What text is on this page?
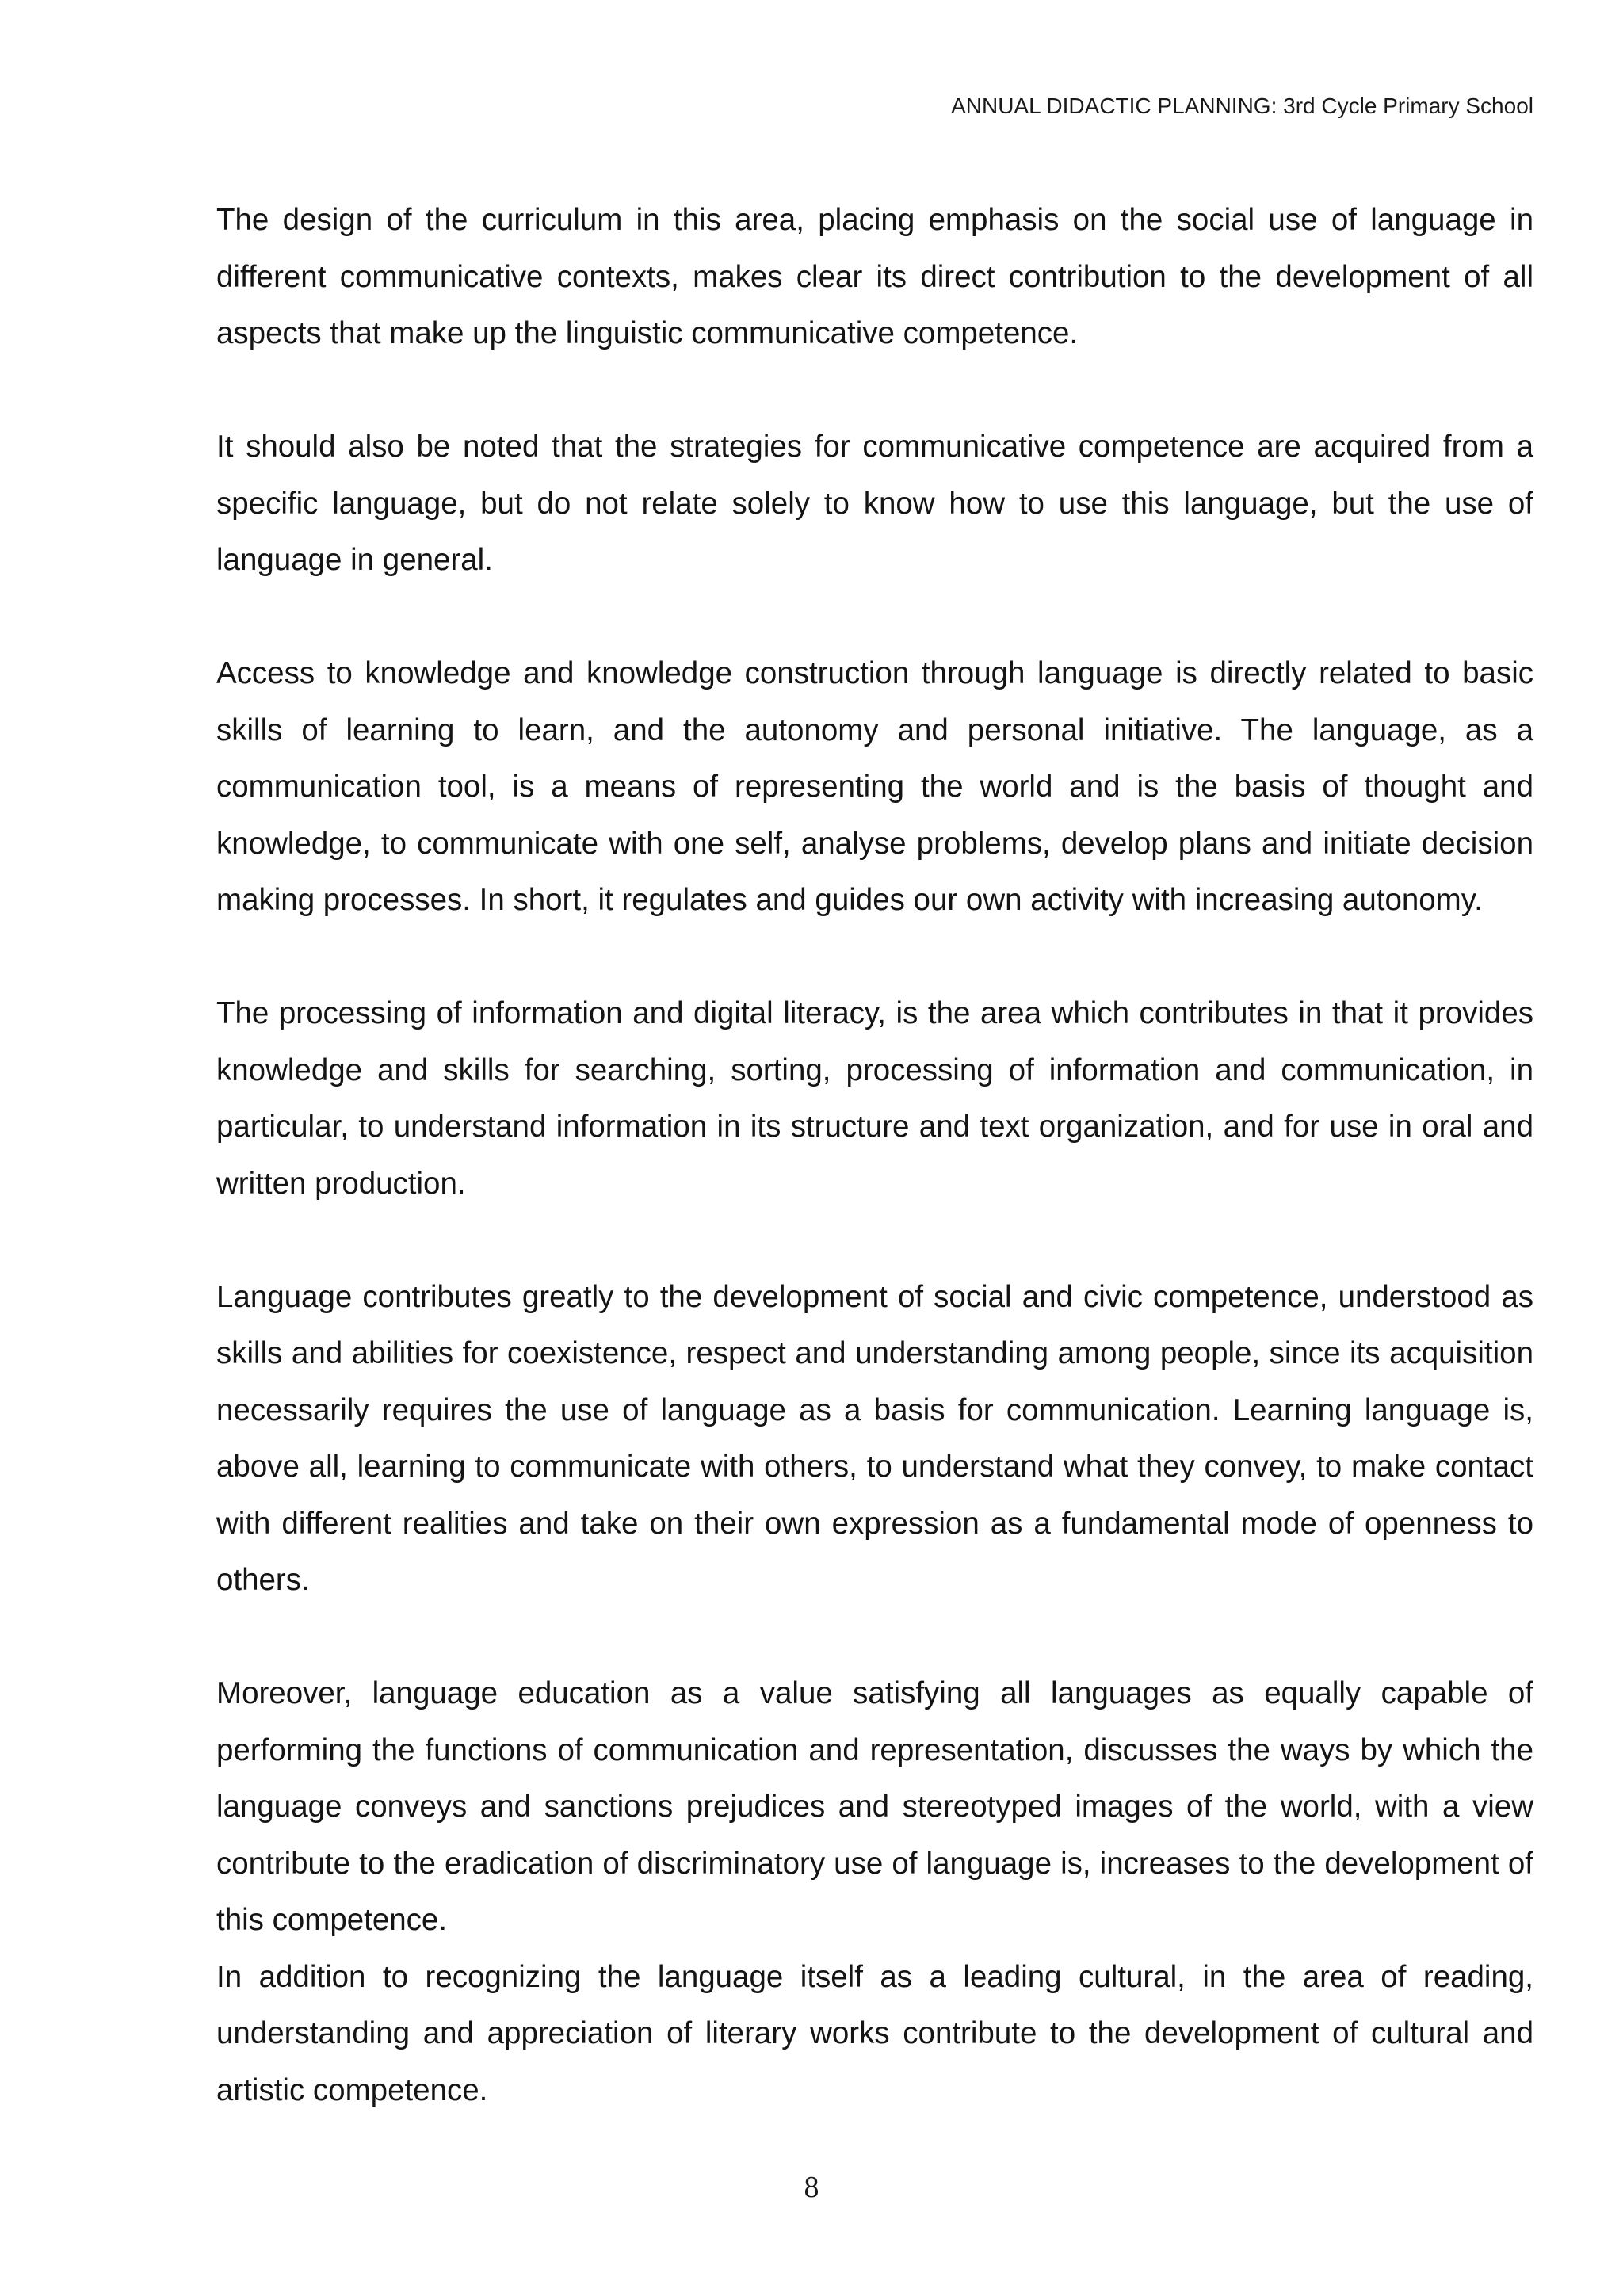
ANNUAL DIDACTIC PLANNING: 3rd Cycle Primary School

The design of the curriculum in this area, placing emphasis on the social use of language in different communicative contexts, makes clear its direct contribution to the development of all aspects that make up the linguistic communicative competence.

It should also be noted that the strategies for communicative competence are acquired from a specific language, but do not relate solely to know how to use this language, but the use of language in general.

Access to knowledge and knowledge construction through language is directly related to basic skills of learning to learn, and the autonomy and personal initiative. The language, as a communication tool, is a means of representing the world and is the basis of thought and knowledge, to communicate with one self, analyse problems, develop plans and initiate decision making processes. In short, it regulates and guides our own activity with increasing autonomy.

The processing of information and digital literacy, is the area which contributes in that it provides knowledge and skills for searching, sorting, processing of information and communication, in particular, to understand information in its structure and text organization, and for use in oral and written production.

Language contributes greatly to the development of social and civic competence, understood as skills and abilities for coexistence, respect and understanding among people, since its acquisition necessarily requires the use of language as a basis for communication. Learning language is, above all, learning to communicate with others, to understand what they convey, to make contact with different realities and take on their own expression as a fundamental mode of openness to others.

Moreover, language education as a value satisfying all languages as equally capable of performing the functions of communication and representation, discusses the ways by which the language conveys and sanctions prejudices and stereotyped images of the world, with a view contribute to the eradication of discriminatory use of language is, increases to the development of this competence.

In addition to recognizing the language itself as a leading cultural, in the area of reading, understanding and appreciation of literary works contribute to the development of cultural and artistic competence.

8
